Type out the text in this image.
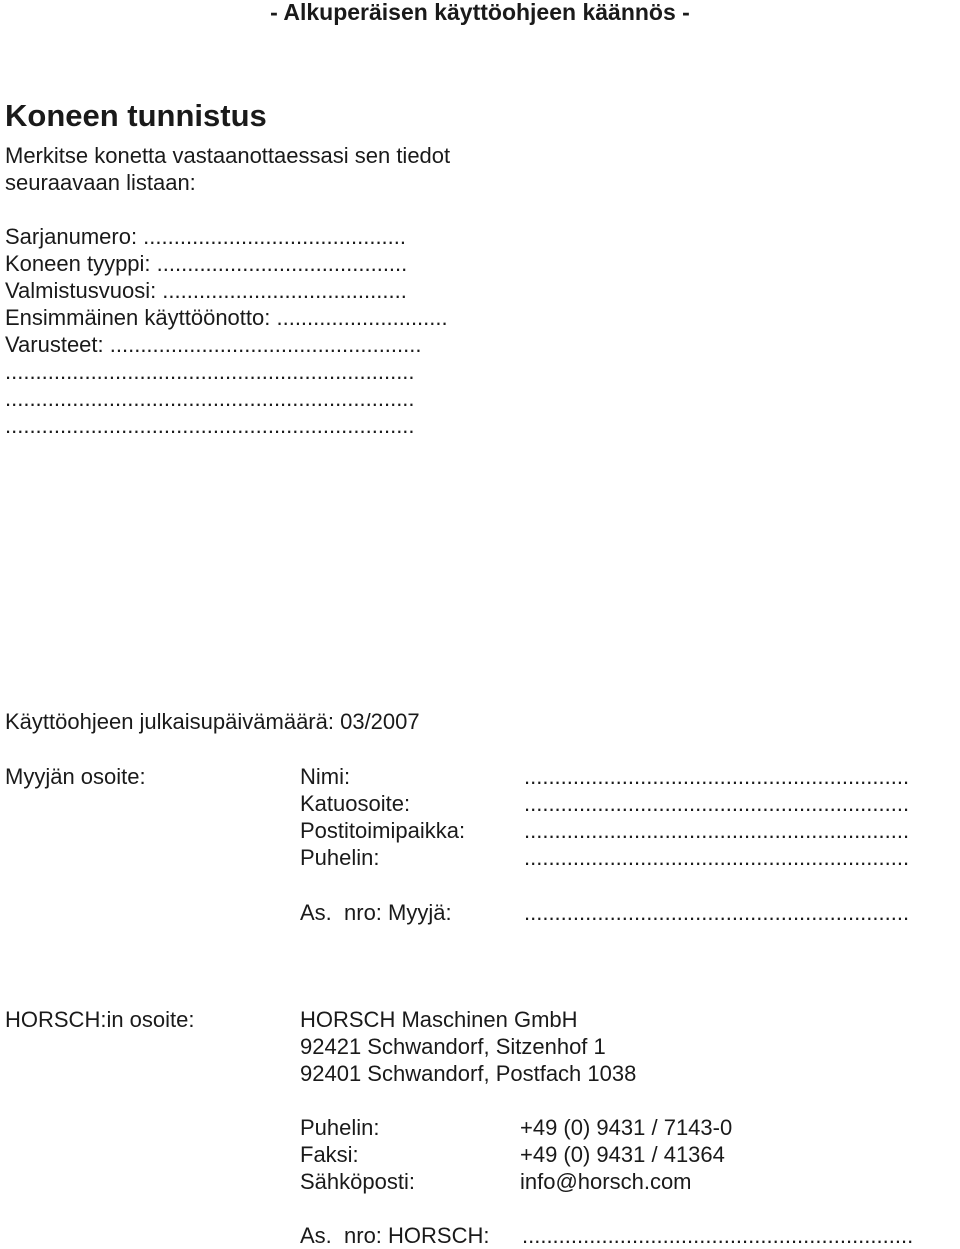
- Alkuperäisen käyttöohjeen käännös -
Koneen tunnistus
Merkitse konetta vastaanottaessasi sen tiedot
seuraavaan listaan:
Sarjanumero: ...........................................
Koneen tyyppi: .........................................
Valmistusvuosi: ........................................
Ensimmäinen käyttöönotto: ............................
Varusteet: ...................................................
...................................................................
...................................................................
...................................................................
Käyttöohjeen julkaisupäivämäärä: 03/2007
Myyjän osoite:	Nimi:	...............................................................
Katuosoite:	...............................................................
Postitoimipaikka:	...............................................................
Puhelin:	...............................................................
As.  nro: Myyjä:	...............................................................
HORSCH:in osoite:	HORSCH Maschinen GmbH
92421 Schwandorf, Sitzenhof 1
92401 Schwandorf, Postfach 1038
Puhelin:	+49 (0) 9431 / 7143-0
Faksi:	+49 (0) 9431 / 41364
Sähköposti:	info@horsch.com
As.  nro: HORSCH: ................................................................
